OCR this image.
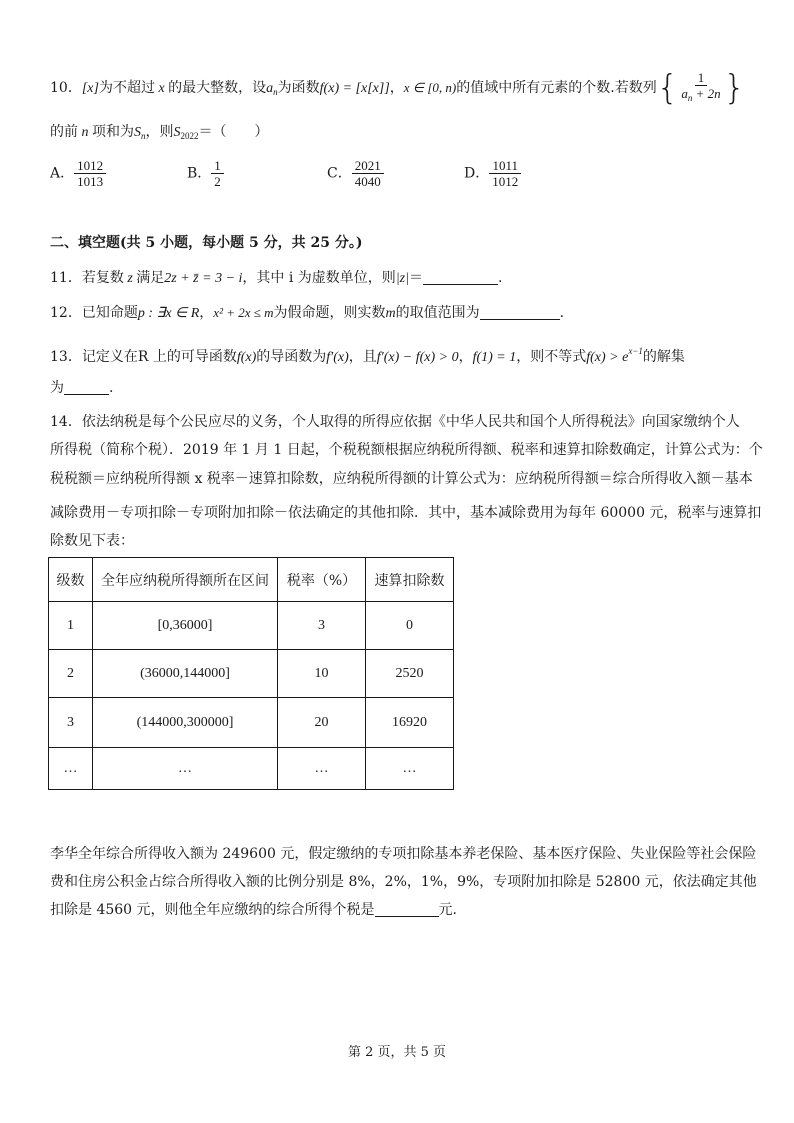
10．[x]为不超过 x 的最大整数，设$a_n$为函数f(x) = [x[x]]，x ∈ [0, n)的值域中所有元素的个数.若数列{ $\frac{1}{a_n + 2n}$ }
的前 n 项和为$S_n$，则$S_{2022}=$（　　）
A． $\frac{1012}{1013}$	B． $\frac{1}{2}$	C． $\frac{2021}{4040}$	D． $\frac{1011}{1012}$
二、填空题(共 5 小题，每小题 5 分，共 25 分。)
11．若复数 z 满足2z + z̄ = 3 − i，其中 i 为虚数单位，则|z|＝	.
12．已知命题p : ∃x ∈ R，x² + 2x ≤ m为假命题，则实数m的取值范围为	.
13．记定义在R 上的可导函数f(x)的导函数为f′(x)，且f′(x) − f(x) > 0，f(1) = 1，则不等式$f(x) > e^{x-1}$的解集
为	.
14．依法纳税是每个公民应尽的义务，个人取得的所得应依据《中华人民共和国个人所得税法》向国家缴纳个人
所得税（简称个税）．2019 年 1 月 1 日起，个税税额根据应纳税所得额、税率和速算扣除数确定，计算公式为：个
税税额＝应纳税所得额 x 税率－速算扣除数，应纳税所得额的计算公式为：应纳税所得额＝综合所得收入额－基本
减除费用－专项扣除－专项附加扣除－依法确定的其他扣除．其中，基本减除费用为每年 60000 元，税率与速算扣
除数见下表：
级数	全年应纳税所得额所在区间	税率（%）	速算扣除数
1	[0,36000]	3	0
2	(36000,144000]	10	2520
3	(144000,300000]	20	16920
…	…	…	…
李华全年综合所得收入额为 249600 元，假定缴纳的专项扣除基本养老保险、基本医疗保险、失业保险等社会保险
费和住房公积金占综合所得收入额的比例分别是 8%，2%，1%，9%，专项附加扣除是 52800 元，依法确定其他
扣除是 4560 元，则他全年应缴纳的综合所得个税是	元.
第 2 页，共 5 页
